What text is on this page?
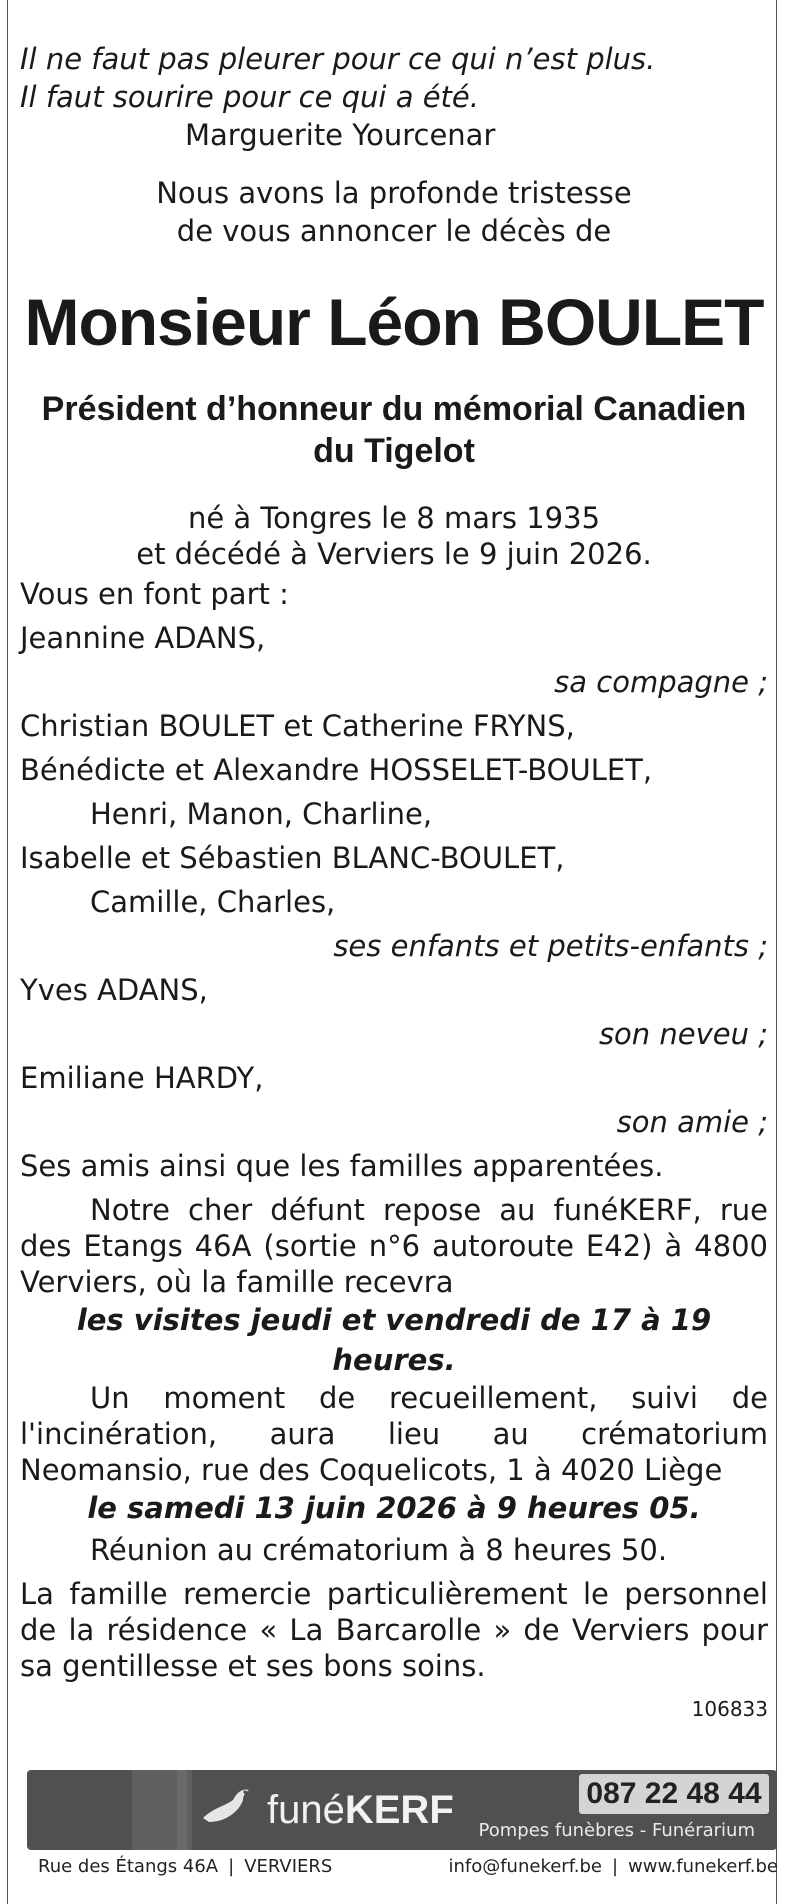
Il ne faut pas pleurer pour ce qui n’est plus.
Il faut sourire pour ce qui a été.
Marguerite Yourcenar
Nous avons la profonde tristesse
de vous annoncer le décès de
Monsieur Léon BOULET
Président d’honneur du mémorial Canadien
du Tigelot
né à Tongres le 8 mars 1935
et décédé à Verviers le 9 juin 2026.
Vous en font part :
Jeannine ADANS,
sa compagne ;
Christian BOULET et Catherine FRYNS,
Bénédicte et Alexandre HOSSELET-BOULET,
Henri, Manon, Charline,
Isabelle et Sébastien BLANC-BOULET,
Camille, Charles,
ses enfants et petits-enfants ;
Yves ADANS,
son neveu ;
Emiliane HARDY,
son amie ;
Ses amis ainsi que les familles apparentées.
Notre cher défunt repose au funéKERF, rue des Etangs 46A (sortie n°6 autoroute E42) à 4800 Verviers, où la famille recevra
les visites jeudi et vendredi de 17 à 19 heures.
Un moment de recueillement, suivi de l'incinération, aura lieu au crématorium Neomansio, rue des Coquelicots, 1 à 4020 Liège
le samedi 13 juin 2026 à 9 heures 05.
Réunion au crématorium à 8 heures 50.
La famille remercie particulièrement le personnel de la résidence « La Barcarolle » de Verviers pour sa gentillesse et ses bons soins.
106833
funéKERF	087 22 48 44
Pompes funèbres - Funérarium
Rue des Étangs 46A | VERVIERS	info@funekerf.be | www.funekerf.be
